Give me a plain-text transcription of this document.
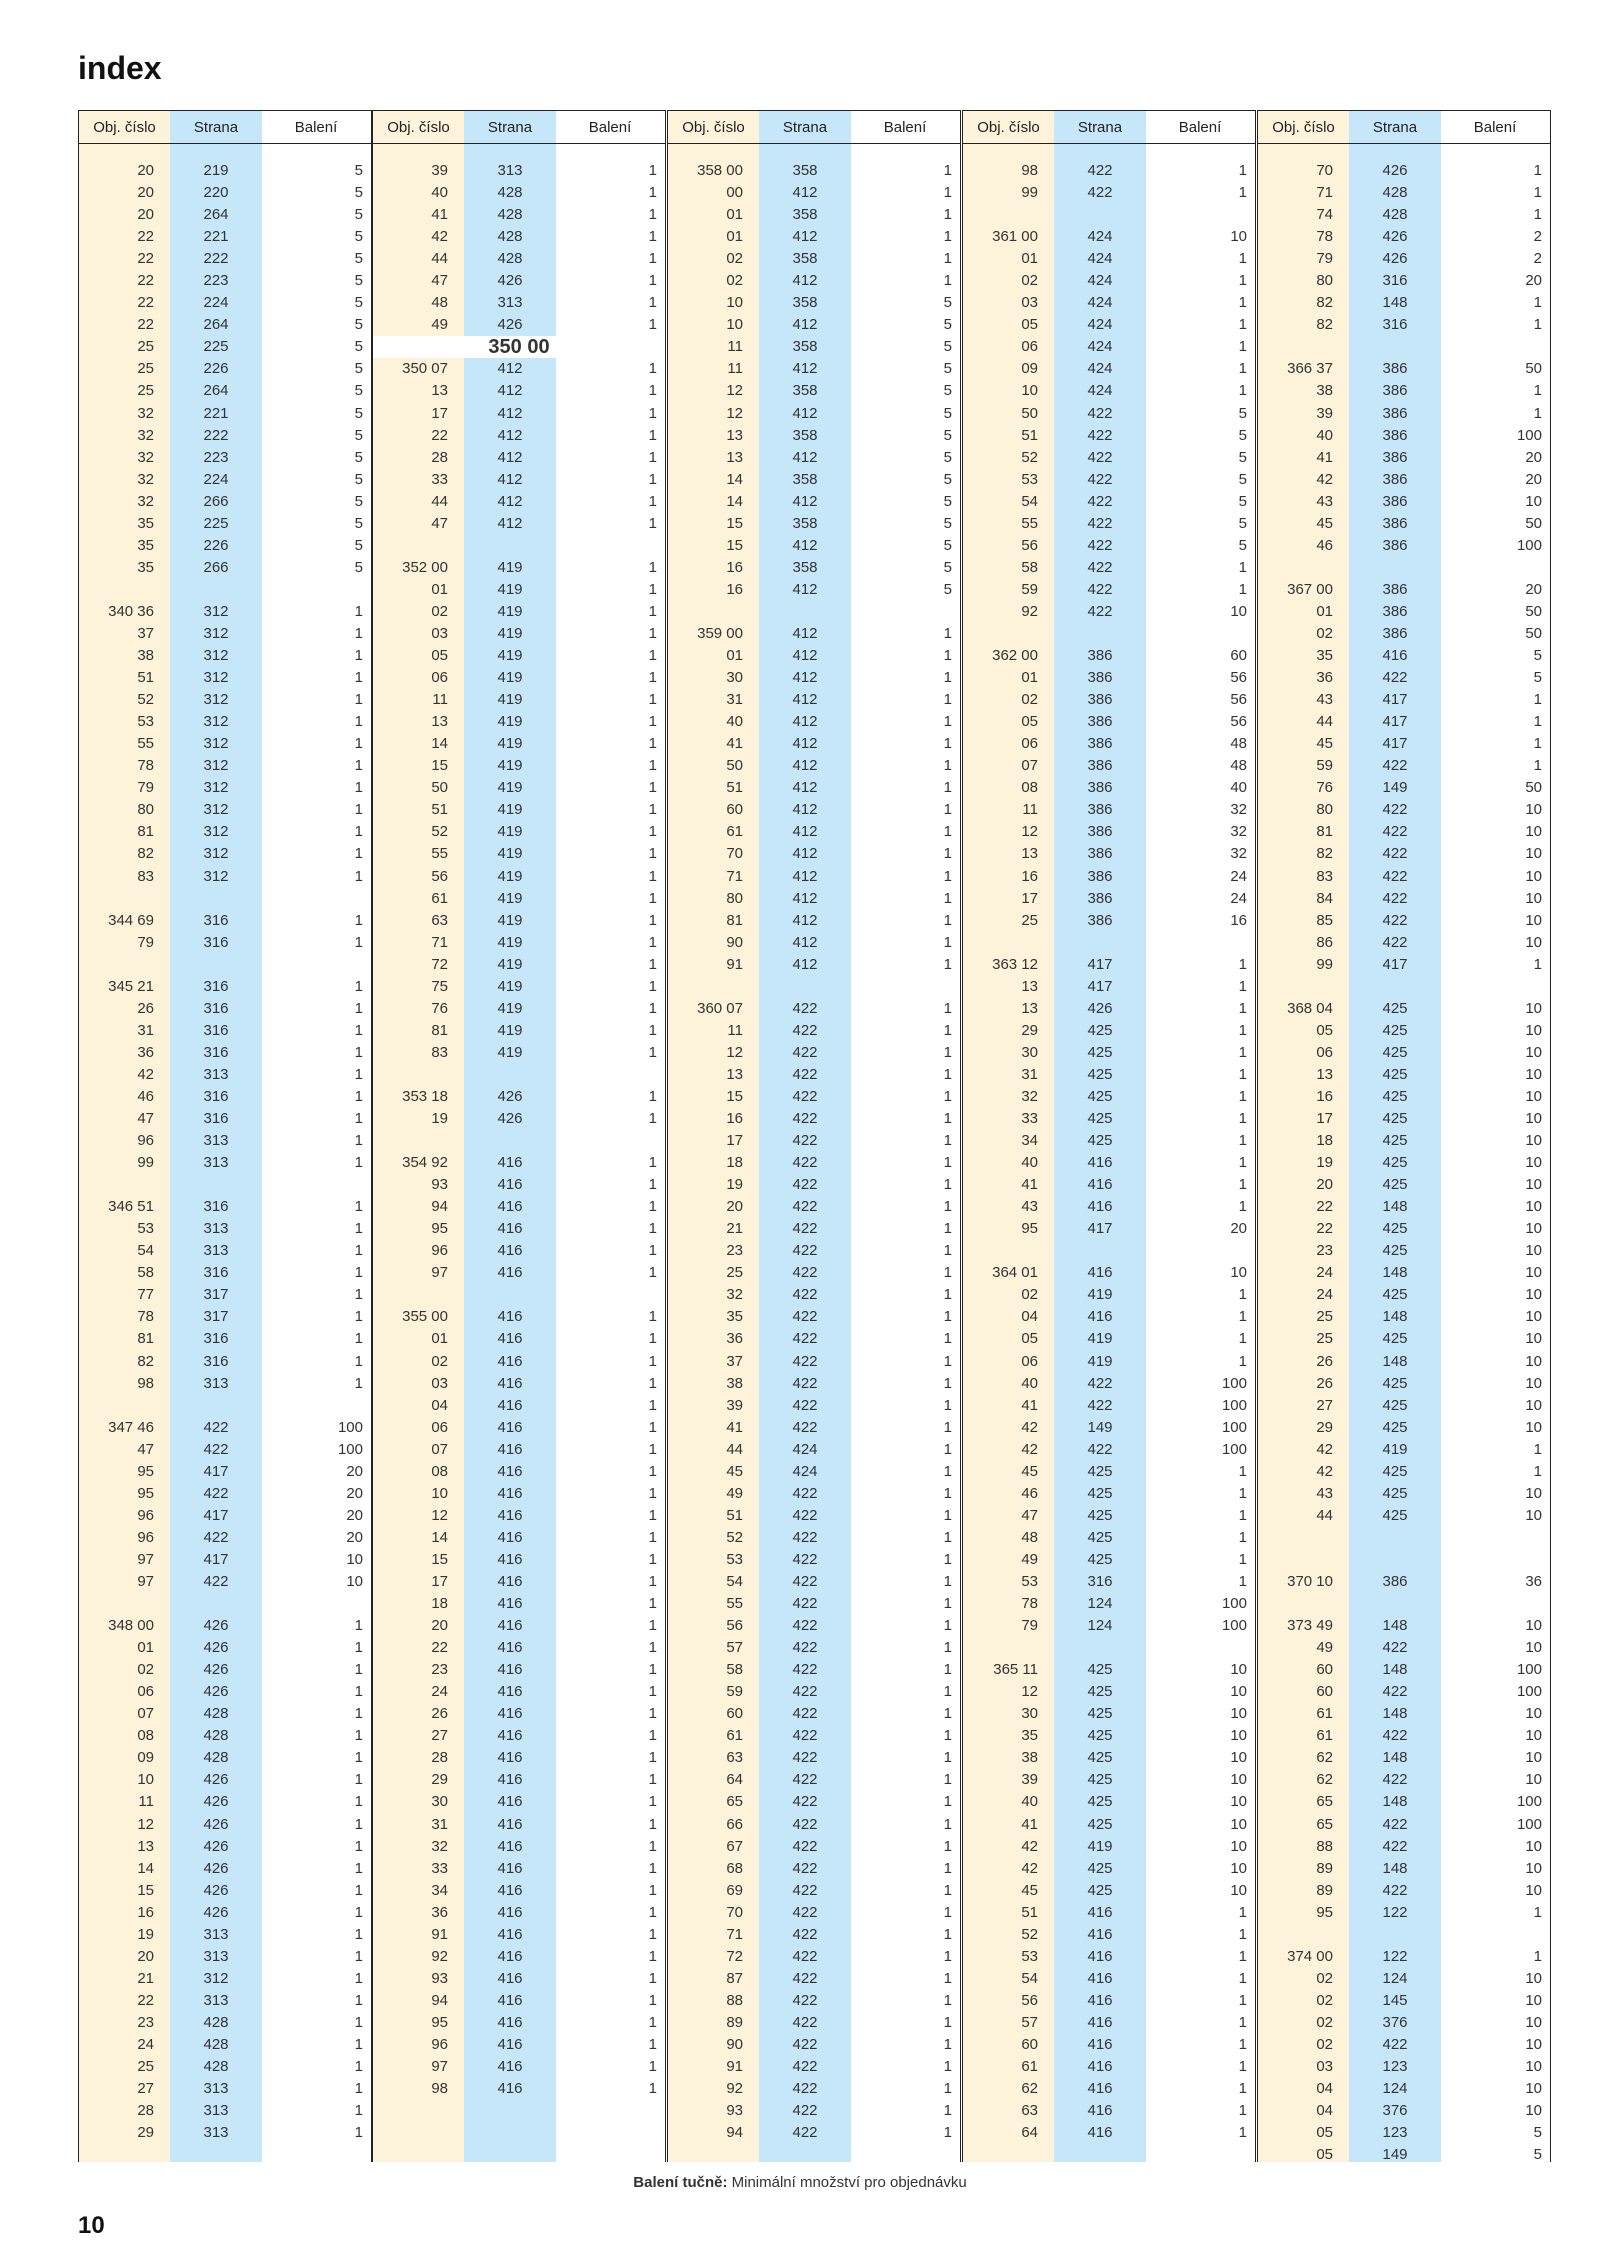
index
Obj. číslo	Strana	Balení
20	219	5
20	220	5
20	264	5
22	221	5
22	222	5
22	223	5
22	224	5
22	264	5
25	225	5
25	226	5
25	264	5
32	221	5
32	222	5
32	223	5
32	224	5
32	266	5
35	225	5
35	226	5
35	266	5
340 36	312	1
37	312	1
38	312	1
51	312	1
52	312	1
53	312	1
55	312	1
78	312	1
79	312	1
80	312	1
81	312	1
82	312	1
83	312	1
344 69	316	1
79	316	1
345 21	316	1
26	316	1
31	316	1
36	316	1
42	313	1
46	316	1
47	316	1
96	313	1
99	313	1
346 51	316	1
53	313	1
54	313	1
58	316	1
77	317	1
78	317	1
81	316	1
82	316	1
98	313	1
347 46	422	100
47	422	100
95	417	20
95	422	20
96	417	20
96	422	20
97	417	10
97	422	10
348 00	426	1
01	426	1
02	426	1
06	426	1
07	428	1
08	428	1
09	428	1
10	426	1
11	426	1
12	426	1
13	426	1
14	426	1
15	426	1
16	426	1
19	313	1
20	313	1
21	312	1
22	313	1
23	428	1
24	428	1
25	428	1
27	313	1
28	313	1
29	313	1
Obj. číslo	Strana	Balení
39	313	1
40	428	1
41	428	1
42	428	1
44	428	1
47	426	1
48	313	1
49	426	1
350 00
350 07	412	1
13	412	1
17	412	1
22	412	1
28	412	1
33	412	1
44	412	1
47	412	1
352 00	419	1
01	419	1
02	419	1
03	419	1
05	419	1
06	419	1
11	419	1
13	419	1
14	419	1
15	419	1
50	419	1
51	419	1
52	419	1
55	419	1
56	419	1
61	419	1
63	419	1
71	419	1
72	419	1
75	419	1
76	419	1
81	419	1
83	419	1
353 18	426	1
19	426	1
354 92	416	1
93	416	1
94	416	1
95	416	1
96	416	1
97	416	1
355 00	416	1
01	416	1
02	416	1
03	416	1
04	416	1
06	416	1
07	416	1
08	416	1
10	416	1
12	416	1
14	416	1
15	416	1
17	416	1
18	416	1
20	416	1
22	416	1
23	416	1
24	416	1
26	416	1
27	416	1
28	416	1
29	416	1
30	416	1
31	416	1
32	416	1
33	416	1
34	416	1
36	416	1
91	416	1
92	416	1
93	416	1
94	416	1
95	416	1
96	416	1
97	416	1
98	416	1
Obj. číslo	Strana	Balení
358 00	358	1
00	412	1
01	358	1
01	412	1
02	358	1
02	412	1
10	358	5
10	412	5
11	358	5
11	412	5
12	358	5
12	412	5
13	358	5
13	412	5
14	358	5
14	412	5
15	358	5
15	412	5
16	358	5
16	412	5
359 00	412	1
01	412	1
30	412	1
31	412	1
40	412	1
41	412	1
50	412	1
51	412	1
60	412	1
61	412	1
70	412	1
71	412	1
80	412	1
81	412	1
90	412	1
91	412	1
360 07	422	1
11	422	1
12	422	1
13	422	1
15	422	1
16	422	1
17	422	1
18	422	1
19	422	1
20	422	1
21	422	1
23	422	1
25	422	1
32	422	1
35	422	1
36	422	1
37	422	1
38	422	1
39	422	1
41	422	1
44	424	1
45	424	1
49	422	1
51	422	1
52	422	1
53	422	1
54	422	1
55	422	1
56	422	1
57	422	1
58	422	1
59	422	1
60	422	1
61	422	1
63	422	1
64	422	1
65	422	1
66	422	1
67	422	1
68	422	1
69	422	1
70	422	1
71	422	1
72	422	1
87	422	1
88	422	1
89	422	1
90	422	1
91	422	1
92	422	1
93	422	1
94	422	1
Obj. číslo	Strana	Balení
98	422	1
99	422	1
361 00	424	10
01	424	1
02	424	1
03	424	1
05	424	1
06	424	1
09	424	1
10	424	1
50	422	5
51	422	5
52	422	5
53	422	5
54	422	5
55	422	5
56	422	5
58	422	1
59	422	1
92	422	10
362 00	386	60
01	386	56
02	386	56
05	386	56
06	386	48
07	386	48
08	386	40
11	386	32
12	386	32
13	386	32
16	386	24
17	386	24
25	386	16
363 12	417	1
13	417	1
13	426	1
29	425	1
30	425	1
31	425	1
32	425	1
33	425	1
34	425	1
40	416	1
41	416	1
43	416	1
95	417	20
364 01	416	10
02	419	1
04	416	1
05	419	1
06	419	1
40	422	100
41	422	100
42	149	100
42	422	100
45	425	1
46	425	1
47	425	1
48	425	1
49	425	1
53	316	1
78	124	100
79	124	100
365 11	425	10
12	425	10
30	425	10
35	425	10
38	425	10
39	425	10
40	425	10
41	425	10
42	419	10
42	425	10
45	425	10
51	416	1
52	416	1
53	416	1
54	416	1
56	416	1
57	416	1
60	416	1
61	416	1
62	416	1
63	416	1
64	416	1
Obj. číslo	Strana	Balení
70	426	1
71	428	1
74	428	1
78	426	2
79	426	2
80	316	20
82	148	1
82	316	1
366 37	386	50
38	386	1
39	386	1
40	386	100
41	386	20
42	386	20
43	386	10
45	386	50
46	386	100
367 00	386	20
01	386	50
02	386	50
35	416	5
36	422	5
43	417	1
44	417	1
45	417	1
59	422	1
76	149	50
80	422	10
81	422	10
82	422	10
83	422	10
84	422	10
85	422	10
86	422	10
99	417	1
368 04	425	10
05	425	10
06	425	10
13	425	10
16	425	10
17	425	10
18	425	10
19	425	10
20	425	10
22	148	10
22	425	10
23	425	10
24	148	10
24	425	10
25	148	10
25	425	10
26	148	10
26	425	10
27	425	10
29	425	10
42	419	1
42	425	1
43	425	10
44	425	10
370 10	386	36
373 49	148	10
49	422	10
60	148	100
60	422	100
61	148	10
61	422	10
62	148	10
62	422	10
65	148	100
65	422	100
88	422	10
89	148	10
89	422	10
95	122	1
374 00	122	1
02	124	10
02	145	10
02	376	10
02	422	10
03	123	10
04	124	10
04	376	10
05	123	5
05	149	5
Balení tučně: Minimální množství pro objednávku
10
